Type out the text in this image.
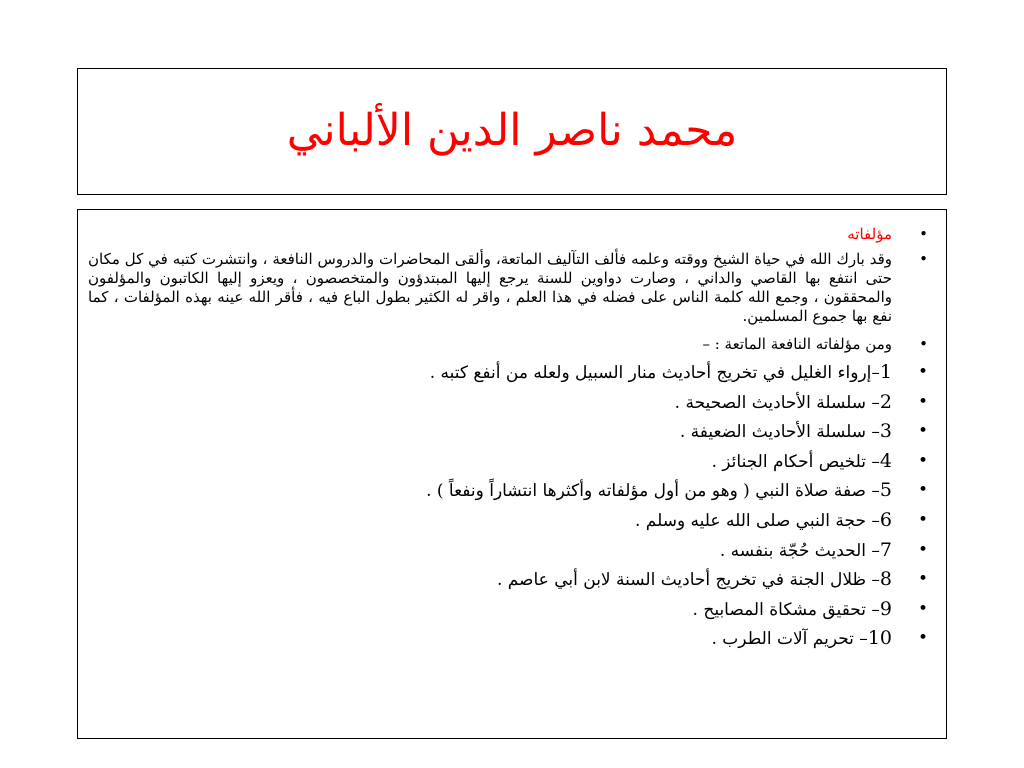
محمد ناصر الدين الألباني
• مؤلفاته
• وقد بارك الله في حياة الشيخ ووقته وعلمه فألف التآليف الماتعة، وألقى المحاضرات والدروس النافعة ، وانتشرت كتبه في كل مكان حتى انتفع بها القاصي والداني ، وصارت دواوين للسنة يرجع إليها المبتدؤون والمتخصصون ، ويعزو إليها الكاتبون والمؤلفون والمحققون ، وجمع الله كلمة الناس على فضله في هذا العلم ، واقر له الكثير بطول الباع فيه ، فأقر الله عينه بهذه المؤلفات ، كما نفع بها جموع المسلمين.
• ومن مؤلفاته النافعة الماتعة : –
• 1–إرواء الغليل في تخريج أحاديث منار السبيل ولعله من أنفع كتبه .
• 2– سلسلة الأحاديث الصحيحة .
• 3– سلسلة الأحاديث الضعيفة .
• 4– تلخيص أحكام الجنائز .
• 5– صفة صلاة النبي ( وهو من أول مؤلفاته وأكثرها انتشاراً ونفعاً ) .
• 6– حجة النبي صلى الله عليه وسلم .
• 7– الحديث حُجّة بنفسه .
• 8– ظلال الجنة في تخريج أحاديث السنة لابن أبي عاصم .
• 9– تحقيق مشكاة المصابيح .
• 10– تحريم آلات الطرب .
